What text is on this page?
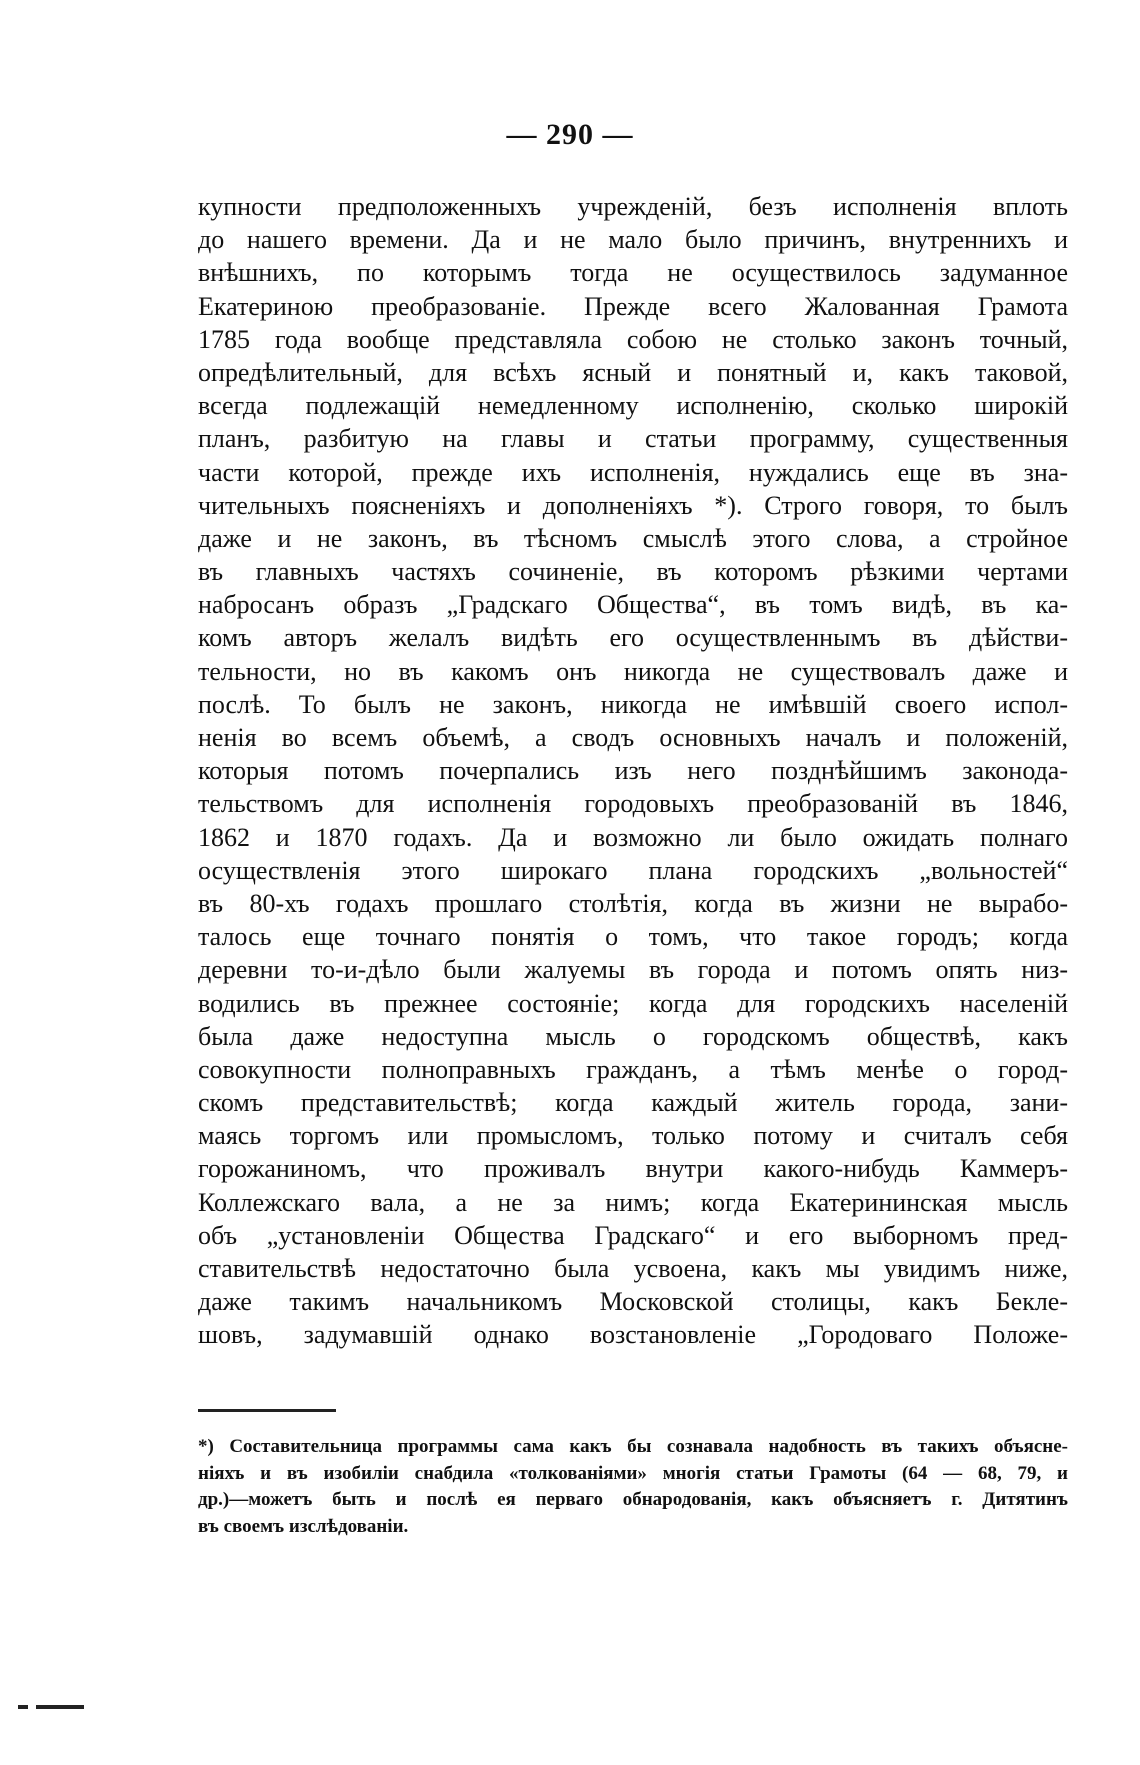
— 290 —
купности предположенныхъ учрежденій, безъ исполненія вплоть
до нашего времени. Да и не мало было причинъ, внутреннихъ и
внѣшнихъ, по которымъ тогда не осуществилось задуманное
Екатериною преобразованіе. Прежде всего Жалованная Грамота
1785 года вообще представляла собою не столько законъ точный,
опредѣлительный, для всѣхъ ясный и понятный и, какъ таковой,
всегда подлежащій немедленному исполненію, сколько широкій
планъ, разбитую на главы и статьи программу, существенныя
части которой, прежде ихъ исполненія, нуждались еще въ зна-
чительныхъ поясненіяхъ и дополненіяхъ *). Строго говоря, то былъ
даже и не законъ, въ тѣсномъ смыслѣ этого слова, а стройное
въ главныхъ частяхъ сочиненіе, въ которомъ рѣзкими чертами
набросанъ образъ „Градскаго Общества“, въ томъ видѣ, въ ка-
комъ авторъ желалъ видѣть его осуществленнымъ въ дѣйстви-
тельности, но въ какомъ онъ никогда не существовалъ даже и
послѣ. То былъ не законъ, никогда не имѣвшій своего испол-
ненія во всемъ объемѣ, а сводъ основныхъ началъ и положеній,
которыя потомъ почерпались изъ него позднѣйшимъ законода-
тельствомъ для исполненія городовыхъ преобразованій въ 1846,
1862 и 1870 годахъ. Да и возможно ли было ожидать полнаго
осуществленія этого широкаго плана городскихъ „вольностей“
въ 80-хъ годахъ прошлаго столѣтія, когда въ жизни не вырабо-
талось еще точнаго понятія о томъ, что такое городъ; когда
деревни то-и-дѣло были жалуемы въ города и потомъ опять низ-
водились въ прежнее состояніе; когда для городскихъ населеній
была даже недоступна мысль о городскомъ обществѣ, какъ
совокупности полноправныхъ гражданъ, а тѣмъ менѣе о город-
скомъ представительствѣ; когда каждый житель города, зани-
маясь торгомъ или промысломъ, только потому и считалъ себя
горожаниномъ, что проживалъ внутри какого-нибудь Каммеръ-
Коллежскаго вала, а не за нимъ; когда Екатерининская мысль
объ „установленіи Общества Градскаго“ и его выборномъ пред-
ставительствѣ недостаточно была усвоена, какъ мы увидимъ ниже,
даже такимъ начальникомъ Московской столицы, какъ Беклe-
шовъ, задумавшій однако возстановленіе „Городоваго Положе-
*) Составительница программы сама какъ бы сознавала надобность въ такихъ объясне-
ніяхъ и въ изобиліи снабдила «толкованіями» многія статьи Грамоты (64 — 68, 79, и
др.)—можетъ быть и послѣ ея перваго обнародованія, какъ объясняетъ г. Дитятинъ
въ своемъ изслѣдованіи.
